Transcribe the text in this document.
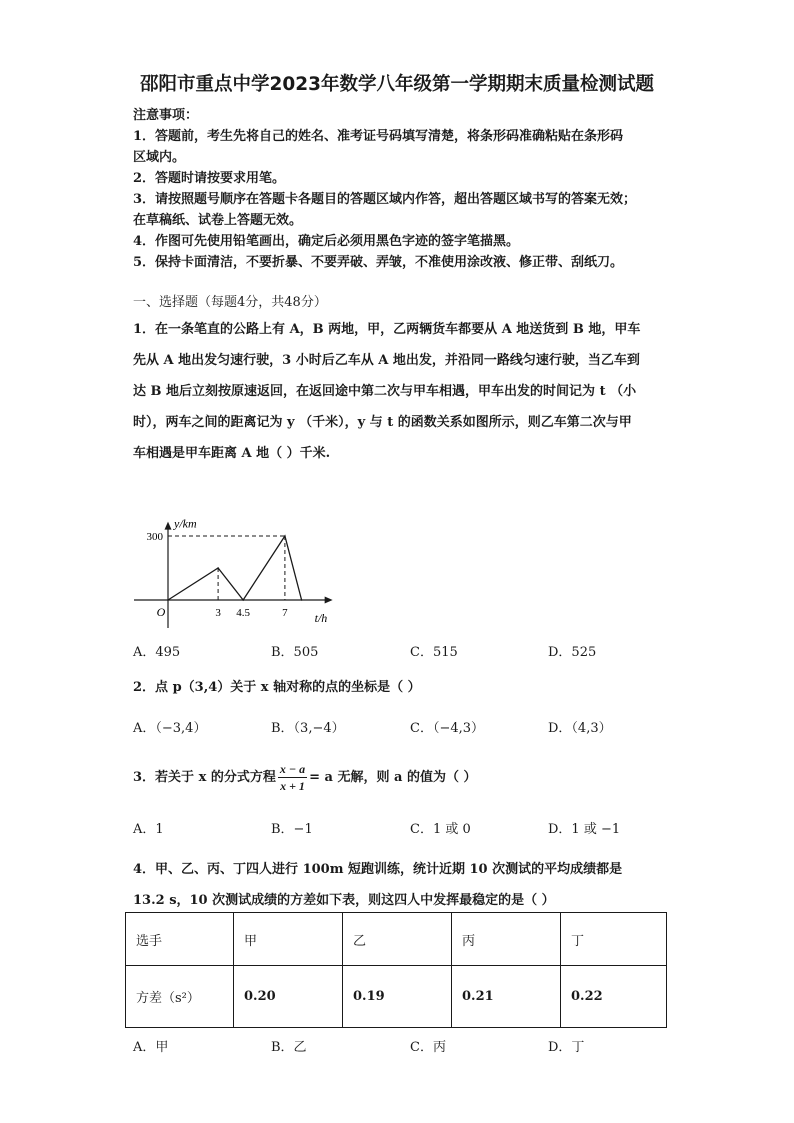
邵阳市重点中学2023年数学八年级第一学期期末质量检测试题
注意事项：
1．答题前，考生先将自己的姓名、准考证号码填写清楚，将条形码准确粘贴在条形码
区域内。
2．答题时请按要求用笔。
3．请按照题号顺序在答题卡各题目的答题区域内作答，超出答题区域书写的答案无效；
在草稿纸、试卷上答题无效。
4．作图可先使用铅笔画出，确定后必须用黑色字迹的签字笔描黑。
5．保持卡面清洁，不要折暴、不要弄破、弄皱，不准使用涂改液、修正带、刮纸刀。
一、选择题（每题4分，共48分）
1．在一条笔直的公路上有 A，B 两地，甲，乙两辆货车都要从 A 地送货到 B 地，甲车
先从 A 地出发匀速行驶，3 小时后乙车从 A 地出发，并沿同一路线匀速行驶，当乙车到
达 B 地后立刻按原速返回，在返回途中第二次与甲车相遇，甲车出发的时间记为 t （小
时），两车之间的距离记为 y （千米），y 与 t 的函数关系如图所示，则乙车第二次与甲
车相遇是甲车距离 A 地（ ）千米.
3 4.5	7
300
O	t/h
y/km
A．495	B．505	C．515	D．525
2．点 p（3,4）关于 x 轴对称的点的坐标是（ ）
A．（−3,4）	B．（3,−4）	C．（−4,3）	D．（4,3）
3．若关于 x 的分式方程 $\frac{x - a}{x + 1} = a$ 无解，则 a 的值为（ ）
A．1	B．−1	C．1 或 0	D．1 或 −1
4．甲、乙、丙、丁四人进行 100m 短跑训练，统计近期 10 次测试的平均成绩都是
13.2 s，10 次测试成绩的方差如下表，则这四人中发挥最稳定的是（ ）
选手	甲	乙	丙	丁
方差（s²）	0.20	0.19	0.21	0.22
A．甲	B．乙	C．丙	D．丁
